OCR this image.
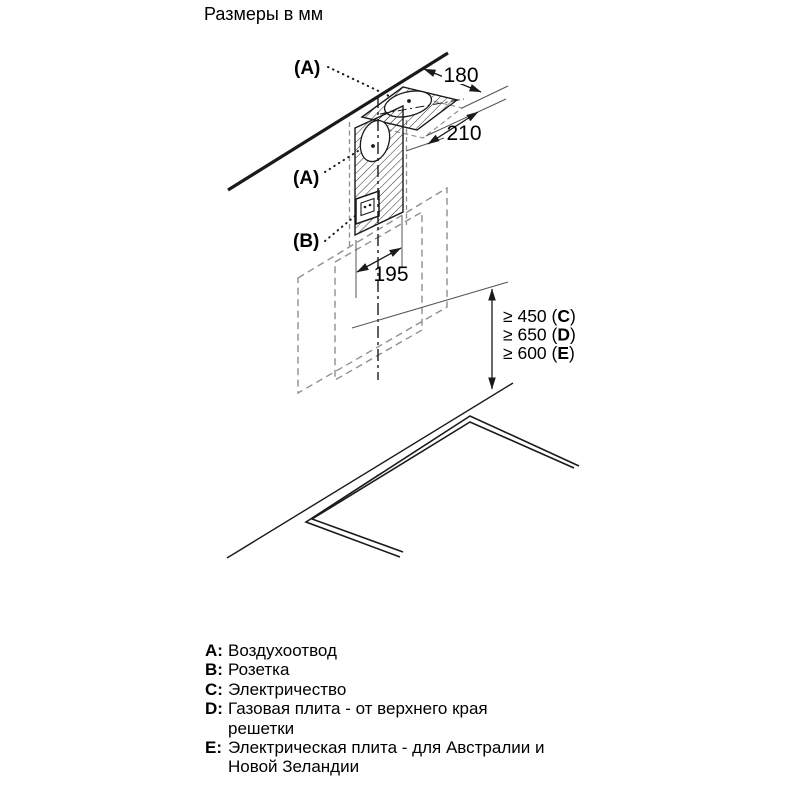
Размеры в мм
180
210
195
≥ 450 (C)
≥ 650 (D)
≥ 600 (E)
(A)
(A)
(B)
A: Воздухоотвод
B: Розетка
C: Электричество
D: Газовая плита - от верхнего края решетки
E: Электрическая плита - для Австралии и Новой Зеландии
